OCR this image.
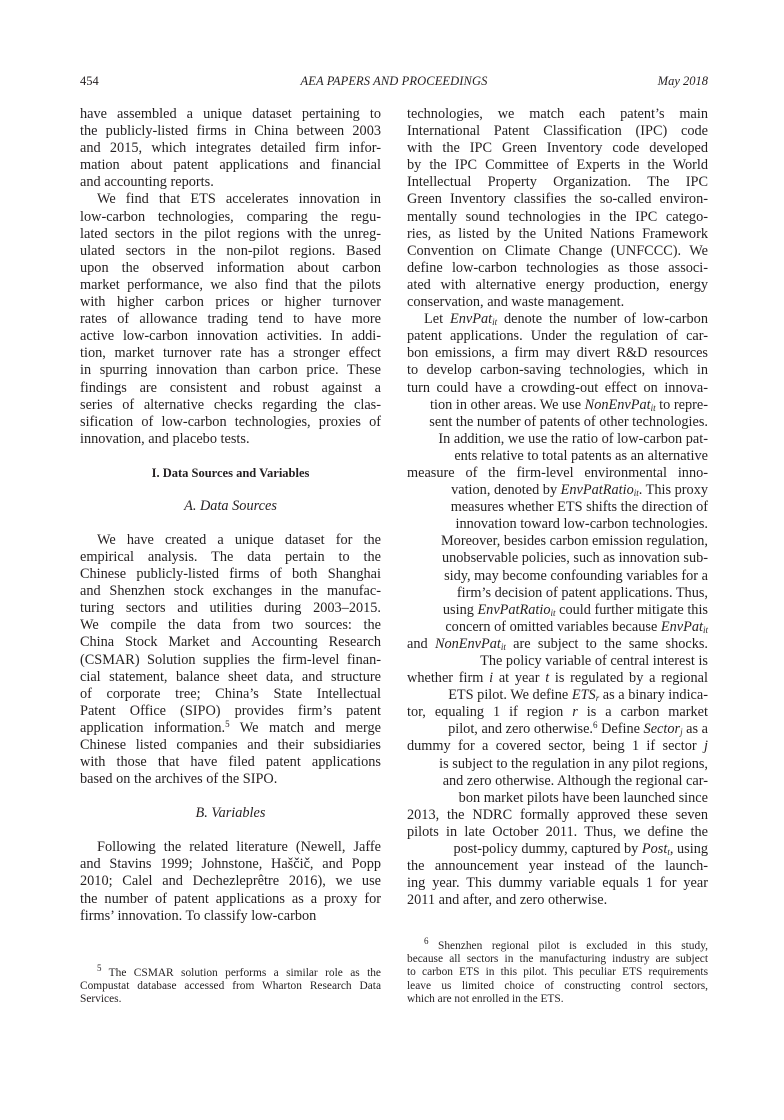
454	AEA PAPERS AND PROCEEDINGS	May 2018
have assembled a unique dataset pertaining to
the publicly-listed firms in China between 2003
and 2015, which integrates detailed firm infor-
mation about patent applications and financial
and accounting reports.
We find that ETS accelerates innovation in
low-carbon technologies, comparing the regu-
lated sectors in the pilot regions with the unreg-
ulated sectors in the non-pilot regions. Based
upon the observed information about carbon
market performance, we also find that the pilots
with higher carbon prices or higher turnover
rates of allowance trading tend to have more
active low-carbon innovation activities. In addi-
tion, market turnover rate has a stronger effect
in spurring innovation than carbon price. These
findings are consistent and robust against a
series of alternative checks regarding the clas-
sification of low-carbon technologies, proxies of
innovation, and placebo tests.
I. Data Sources and Variables
A. Data Sources
We have created a unique dataset for the
empirical analysis. The data pertain to the
Chinese publicly-listed firms of both Shanghai
and Shenzhen stock exchanges in the manufac-
turing sectors and utilities during 2003–2015.
We compile the data from two sources: the
China Stock Market and Accounting Research
(CSMAR) Solution supplies the firm-level finan-
cial statement, balance sheet data, and structure
of corporate tree; China’s State Intellectual
Patent Office (SIPO) provides firm’s patent
application information.$^5$ We match and merge
Chinese listed companies and their subsidiaries
with those that have filed patent applications
based on the archives of the SIPO.
B. Variables
Following the related literature (Newell, Jaffe
and Stavins 1999; Johnstone, Haščič, and Popp
2010; Calel and Dechezleprêtre 2016), we use
the number of patent applications as a proxy for
firms’ innovation. To classify low-carbon
technologies, we match each patent’s main
International Patent Classification (IPC) code
with the IPC Green Inventory code developed
by the IPC Committee of Experts in the World
Intellectual Property Organization. The IPC
Green Inventory classifies the so-called environ-
mentally sound technologies in the IPC catego-
ries, as listed by the United Nations Framework
Convention on Climate Change (UNFCCC). We
define low-carbon technologies as those associ-
ated with alternative energy production, energy
conservation, and waste management.
Let EnvPat$_{it}$ denote the number of low-carbon
patent applications. Under the regulation of car-
bon emissions, a firm may divert R&D resources
to develop carbon-saving technologies, which in
turn could have a crowding-out effect on innova-
tion in other areas. We use NonEnvPat$_{it}$ to repre-
sent the number of patents of other technologies.
In addition, we use the ratio of low-carbon pat-
ents relative to total patents as an alternative
measure of the firm-level environmental inno-
vation, denoted by EnvPatRatio$_{it}$. This proxy
measures whether ETS shifts the direction of
innovation toward low-carbon technologies.
Moreover, besides carbon emission regulation,
unobservable policies, such as innovation sub-
sidy, may become confounding variables for a
firm’s decision of patent applications. Thus,
using EnvPatRatio$_{it}$ could further mitigate this
concern of omitted variables because EnvPat$_{it}$
and NonEnvPat$_{it}$ are subject to the same shocks.
The policy variable of central interest is
whether firm i at year t is regulated by a regional
ETS pilot. We define $ETS_r$ as a binary indica-
tor, equaling 1 if region r is a carbon market
pilot, and zero otherwise.$^6$ Define Sector$_j$ as a
dummy for a covered sector, being 1 if sector j
is subject to the regulation in any pilot regions,
and zero otherwise. Although the regional car-
bon market pilots have been launched since
2013, the NDRC formally approved these seven
pilots in late October 2011. Thus, we define the
post-policy dummy, captured by Post$_t$, using
the announcement year instead of the launch-
ing year. This dummy variable equals 1 for year
2011 and after, and zero otherwise.
$^5$ The CSMAR solution performs a similar role as the
Compustat database accessed from Wharton Research Data
Services.
$^6$ Shenzhen regional pilot is excluded in this study,
because all sectors in the manufacturing industry are subject
to carbon ETS in this pilot. This peculiar ETS requirements
leave us limited choice of constructing control sectors,
which are not enrolled in the ETS.
